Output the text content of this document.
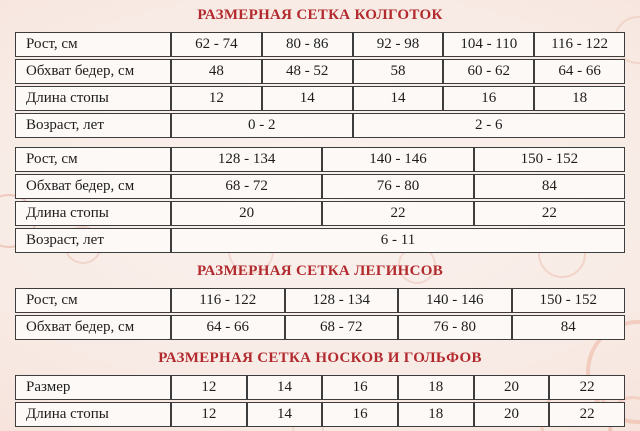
РАЗМЕРНАЯ СЕТКА КОЛГОТОК
Рост, см	62 - 74	80 - 86	92 - 98	104 - 110	116 - 122
Обхват бедер, см	48	48 - 52	58	60 - 62	64 - 66
Длина стопы	12	14	14	16	18
Возраст, лет	0 - 2		2 - 6		
Рост, см	128 - 134	140 - 146	150 - 152
Обхват бедер, см	68 - 72	76 - 80	84
Длина стопы	20	22	22
Возраст, лет	6 - 11		
РАЗМЕРНАЯ СЕТКА ЛЕГИНСОВ
Рост, см	116 - 122	128 - 134	140 - 146	150 - 152
Обхват бедер, см	64 - 66	68 - 72	76 - 80	84
РАЗМЕРНАЯ СЕТКА НОСКОВ И ГОЛЬФОВ
Размер	12	14	16	18	20	22
Длина стопы	12	14	16	18	20	22
